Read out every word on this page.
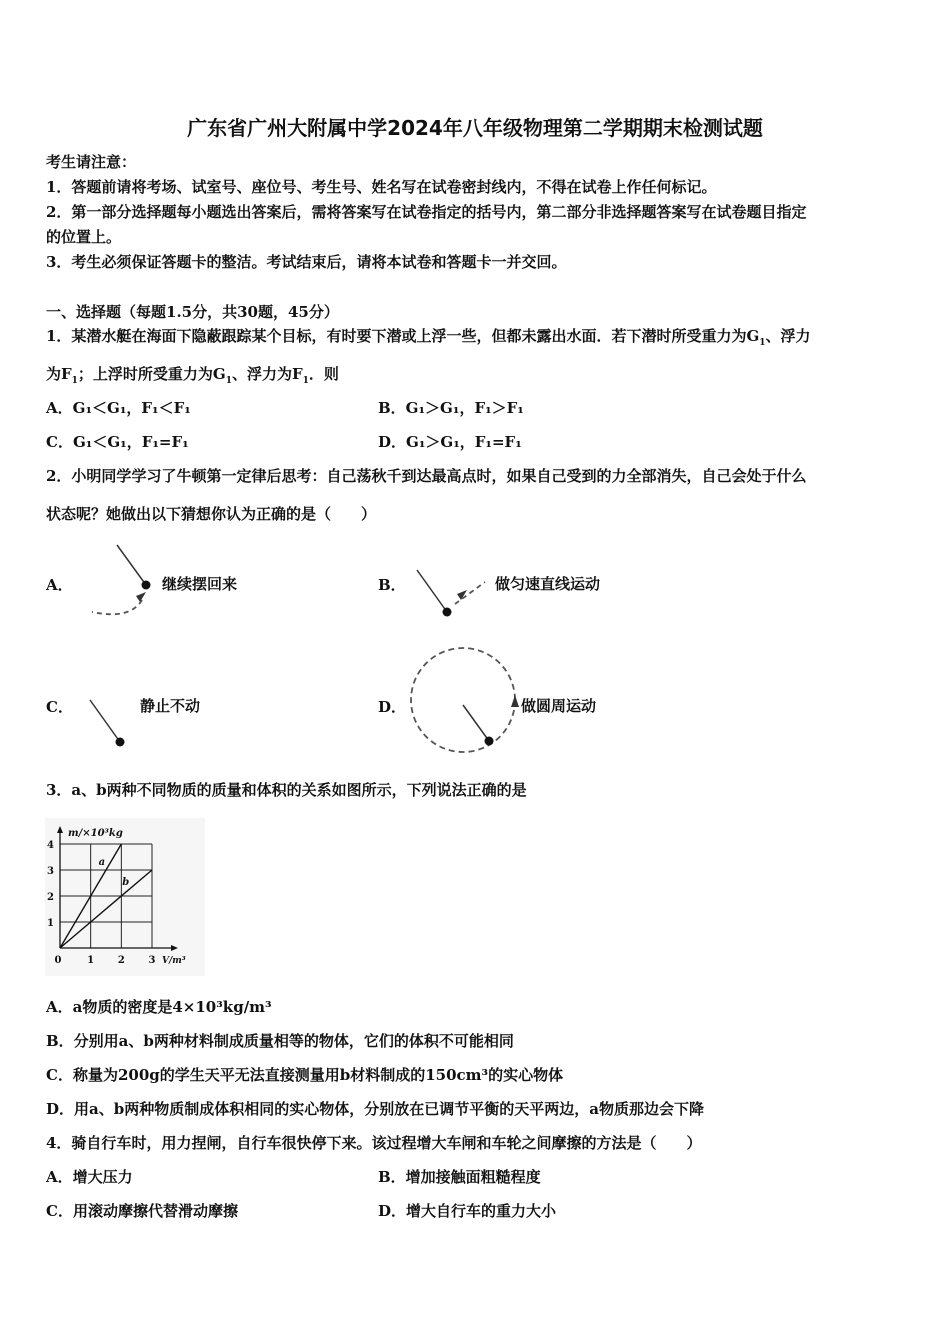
广东省广州大附属中学2024年八年级物理第二学期期末检测试题
考生请注意：
1．答题前请将考场、试室号、座位号、考生号、姓名写在试卷密封线内，不得在试卷上作任何标记。
2．第一部分选择题每小题选出答案后，需将答案写在试卷指定的括号内，第二部分非选择题答案写在试卷题目指定
的位置上。
3．考生必须保证答题卡的整洁。考试结束后，请将本试卷和答题卡一并交回。
一、选择题（每题1.5分，共30题，45分）
1．某潜水艇在海面下隐蔽跟踪某个目标，有时要下潜或上浮一些，但都未露出水面．若下潜时所受重力为$G_1$、浮力
为$F_1$；上浮时所受重力为$G_1$、浮力为$F_1$．则
A．G₁＜G₁，F₁＜F₁	B．G₁＞G₁，F₁＞F₁
C．G₁＜G₁，F₁=F₁	D．G₁＞G₁，F₁=F₁
2．小明同学学习了牛顿第一定律后思考：自己荡秋千到达最高点时，如果自己受到的力全部消失，自己会处于什么
状态呢？她做出以下猜想你认为正确的是（　　）
A．	继续摆回来	B．	做匀速直线运动
C．	静止不动	D．	做圆周运动
3．a、b两种不同物质的质量和体积的关系如图所示，下列说法正确的是
0	1 2 3
1
2
3
4
m/×10³kg
V/m³
a
b
A．a物质的密度是4×10³kg/m³
B．分别用a、b两种材料制成质量相等的物体，它们的体积不可能相同
C．称量为200g的学生天平无法直接测量用b材料制成的150cm³的实心物体
D．用a、b两种物质制成体积相同的实心物体，分别放在已调节平衡的天平两边，a物质那边会下降
4．骑自行车时，用力捏闸，自行车很快停下来。该过程增大车闸和车轮之间摩擦的方法是（　　）
A．增大压力	B．增加接触面粗糙程度
C．用滚动摩擦代替滑动摩擦	D．增大自行车的重力大小
